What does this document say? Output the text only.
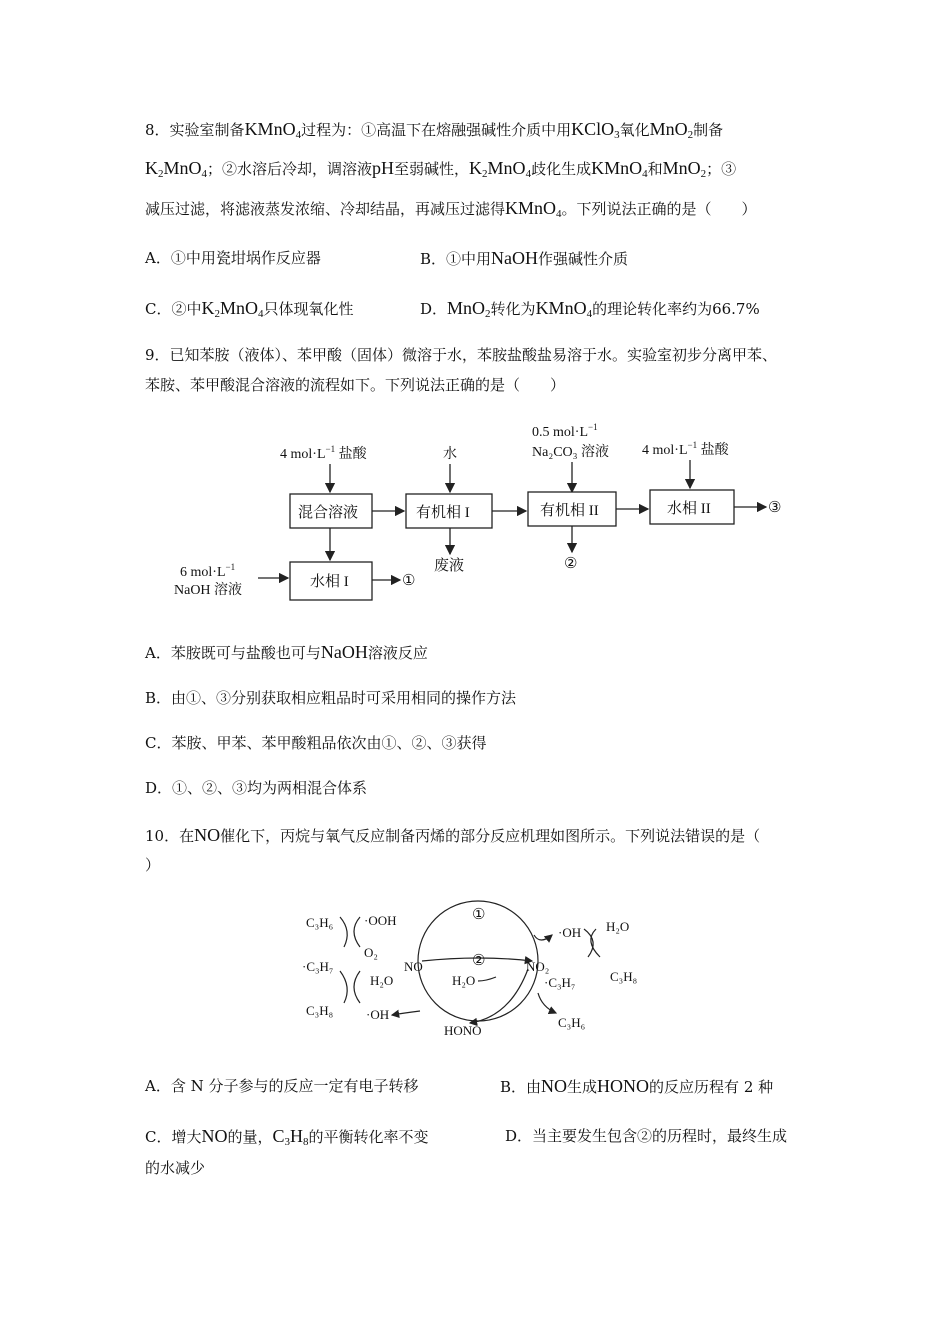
8．实验室制备KMnO$_4$过程为：①高温下在熔融强碱性介质中用KClO$_3$氧化MnO$_2$制备
$K_2MnO_4$；②水溶后冷却，调溶液pH至弱碱性，$K_2MnO_4$歧化生成KMnO$_4$和MnO$_2$；③
减压过滤，将滤液蒸发浓缩、冷却结晶，再减压过滤得KMnO$_4$。下列说法正确的是（　　）
A．①中用瓷坩埚作反应器	B．①中用NaOH作强碱性介质
C．②中$K_2MnO_4$只体现氧化性	D．MnO$_2$转化为KMnO$_4$的理论转化率约为66.7%
9．已知苯胺（液体）、苯甲酸（固体）微溶于水，苯胺盐酸盐易溶于水。实验室初步分离甲苯、
苯胺、苯甲酸混合溶液的流程如下。下列说法正确的是（　　）
4 $mol\cdot L^{-1}$ 盐酸	水
0.5 $mol\cdot L^{-1}$
Na₂CO₃ 溶液 4 $mol\cdot L^{-1}$ 盐酸
混合溶液	有机相 I	有机相 II	水相 II
水相 I
③
②
①
废液
6 $mol\cdot L^{-1}$
NaOH 溶液
A．苯胺既可与盐酸也可与NaOH溶液反应
B．由①、③分别获取相应粗品时可采用相同的操作方法
C．苯胺、甲苯、苯甲酸粗品依次由①、②、③获得
D．①、②、③均为两相混合体系
10．在NO催化下，丙烷与氧气反应制备丙烯的部分反应机理如图所示。下列说法错误的是（
）
C₃H₆ ·OOH
O₂
·C₃H₇
H₂O
C₃H₈	·OH
NO	NO₂
HONO
①
②
H₂O
·OH H₂O
·C₃H₇	C₃H₈
C₃H₆
A．含 N 分子参与的反应一定有电子转移	B．由NO生成HONO的反应历程有 2 种
C．增大NO的量，$C_3H_8$的平衡转化率不变	D．当主要发生包含②的历程时，最终生成
的水减少
